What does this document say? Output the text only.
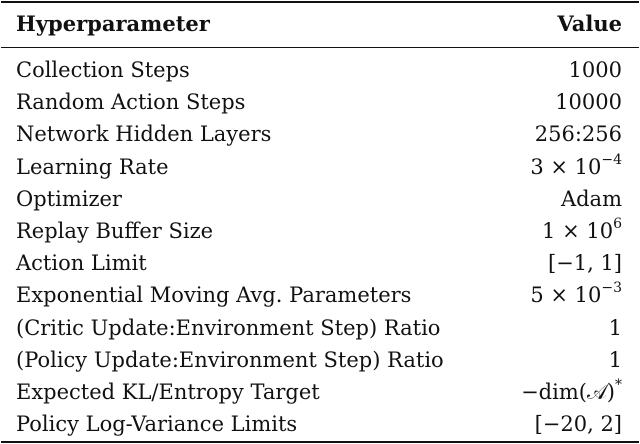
Hyperparameter	Value
Collection Steps	1000
Random Action Steps	10000
Network Hidden Layers	256:256
Learning Rate	$3 \times 10^{-4}$
Optimizer	Adam
Replay Buffer Size	$1 \times 10^6$
Action Limit	[−1, 1]
Exponential Moving Avg. Parameters	$5 \times 10^{-3}$
(Critic Update:Environment Step) Ratio	1
(Policy Update:Environment Step) Ratio	1
Expected KL/Entropy Target	−dim(𝒜)*
Policy Log-Variance Limits	[−20, 2]
